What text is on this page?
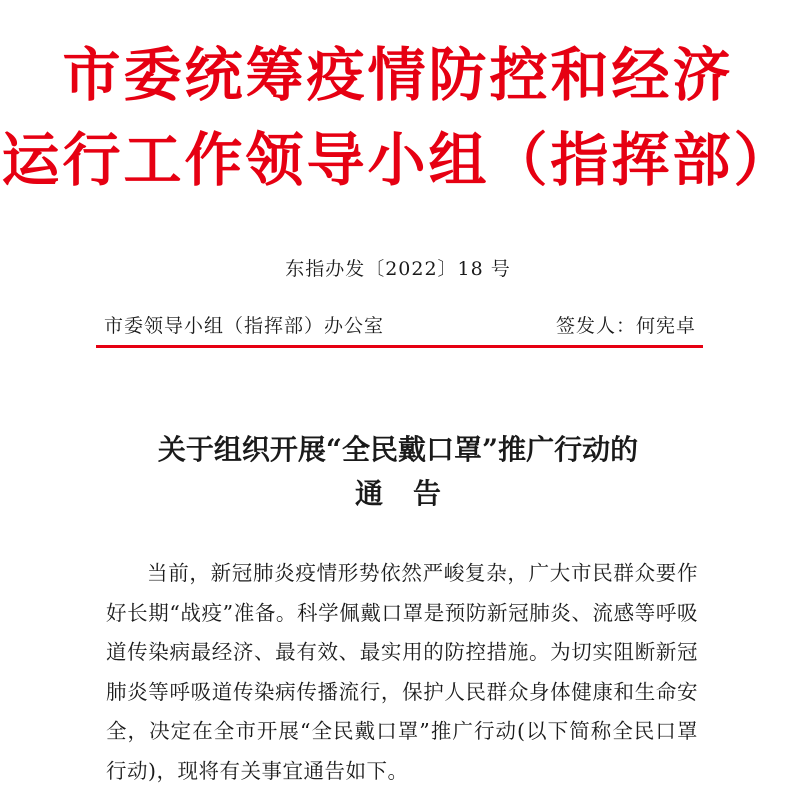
市委统筹疫情防控和经济
运行工作领导小组（指挥部）
东指办发〔2022〕18 号
市委领导小组（指挥部）办公室	签发人：何宪卓
关于组织开展“全民戴口罩”推广行动的
通告

当前，新冠肺炎疫情形势依然严峻复杂，广大市民群众要作好长期“战疫”准备。科学佩戴口罩是预防新冠肺炎、流感等呼吸道传染病最经济、最有效、最实用的防控措施。为切实阻断新冠肺炎等呼吸道传染病传播流行，保护人民群众身体健康和生命安全，决定在全市开展“全民戴口罩”推广行动(以下简称全民口罩行动)，现将有关事宜通告如下。
